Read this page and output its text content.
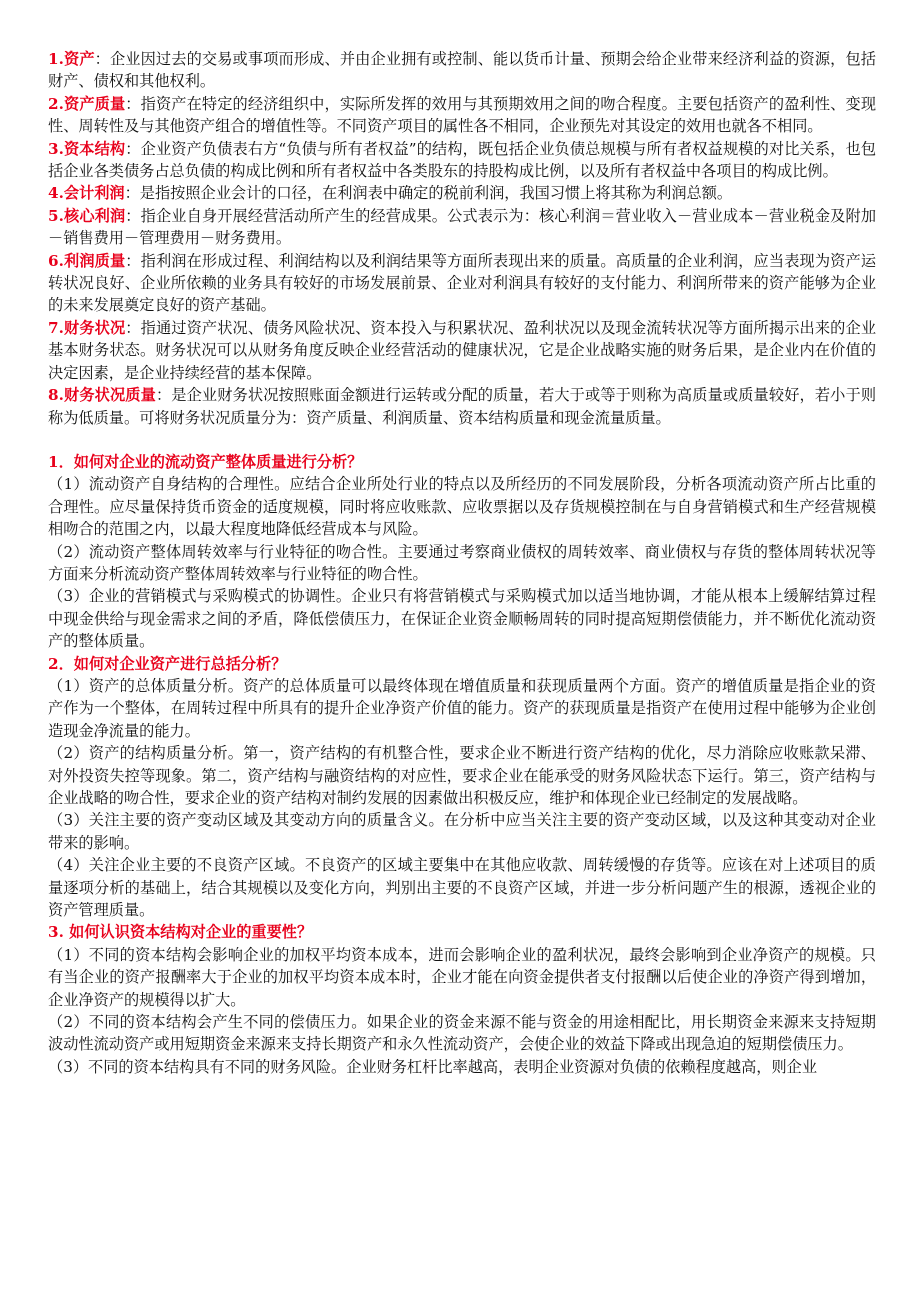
1.资产：企业因过去的交易或事项而形成、并由企业拥有或控制、能以货币计量、预期会给企业带来经济利益的资源，包括财产、债权和其他权利。

2.资产质量：指资产在特定的经济组织中，实际所发挥的效用与其预期效用之间的吻合程度。主要包括资产的盈利性、变现性、周转性及与其他资产组合的增值性等。不同资产项目的属性各不相同，企业预先对其设定的效用也就各不相同。

3.资本结构：企业资产负债表右方“负债与所有者权益”的结构，既包括企业负债总规模与所有者权益规模的对比关系，也包括企业各类债务占总负债的构成比例和所有者权益中各类股东的持股构成比例，以及所有者权益中各项目的构成比例。

4.会计利润：是指按照企业会计的口径，在利润表中确定的税前利润，我国习惯上将其称为利润总额。

5.核心利润：指企业自身开展经营活动所产生的经营成果。公式表示为：核心利润＝营业收入－营业成本－营业税金及附加－销售费用－管理费用－财务费用。

6.利润质量：指利润在形成过程、利润结构以及利润结果等方面所表现出来的质量。高质量的企业利润，应当表现为资产运转状况良好、企业所依赖的业务具有较好的市场发展前景、企业对利润具有较好的支付能力、利润所带来的资产能够为企业的未来发展奠定良好的资产基础。

7.财务状况：指通过资产状况、债务风险状况、资本投入与积累状况、盈利状况以及现金流转状况等方面所揭示出来的企业基本财务状态。财务状况可以从财务角度反映企业经营活动的健康状况，它是企业战略实施的财务后果，是企业内在价值的决定因素，是企业持续经营的基本保障。

8.财务状况质量：是企业财务状况按照账面金额进行运转或分配的质量，若大于或等于则称为高质量或质量较好，若小于则称为低质量。可将财务状况质量分为：资产质量、利润质量、资本结构质量和现金流量质量。

1．如何对企业的流动资产整体质量进行分析？

（1）流动资产自身结构的合理性。应结合企业所处行业的特点以及所经历的不同发展阶段，分析各项流动资产所占比重的合理性。应尽量保持货币资金的适度规模，同时将应收账款、应收票据以及存货规模控制在与自身营销模式和生产经营规模相吻合的范围之内，以最大程度地降低经营成本与风险。

（2）流动资产整体周转效率与行业特征的吻合性。主要通过考察商业债权的周转效率、商业债权与存货的整体周转状况等方面来分析流动资产整体周转效率与行业特征的吻合性。

（3）企业的营销模式与采购模式的协调性。企业只有将营销模式与采购模式加以适当地协调，才能从根本上缓解结算过程中现金供给与现金需求之间的矛盾，降低偿债压力，在保证企业资金顺畅周转的同时提高短期偿债能力，并不断优化流动资产的整体质量。

2．如何对企业资产进行总括分析？

（1）资产的总体质量分析。资产的总体质量可以最终体现在增值质量和获现质量两个方面。资产的增值质量是指企业的资产作为一个整体，在周转过程中所具有的提升企业净资产价值的能力。资产的获现质量是指资产在使用过程中能够为企业创造现金净流量的能力。

（2）资产的结构质量分析。第一，资产结构的有机整合性，要求企业不断进行资产结构的优化，尽力消除应收账款呆滞、对外投资失控等现象。第二，资产结构与融资结构的对应性，要求企业在能承受的财务风险状态下运行。第三，资产结构与企业战略的吻合性，要求企业的资产结构对制约发展的因素做出积极反应，维护和体现企业已经制定的发展战略。

（3）关注主要的资产变动区域及其变动方向的质量含义。在分析中应当关注主要的资产变动区域，以及这种其变动对企业带来的影响。

（4）关注企业主要的不良资产区域。不良资产的区域主要集中在其他应收款、周转缓慢的存货等。应该在对上述项目的质量逐项分析的基础上，结合其规模以及变化方向，判别出主要的不良资产区域，并进一步分析问题产生的根源，透视企业的资产管理质量。

3. 如何认识资本结构对企业的重要性？

（1）不同的资本结构会影响企业的加权平均资本成本，进而会影响企业的盈利状况，最终会影响到企业净资产的规模。只有当企业的资产报酬率大于企业的加权平均资本成本时，企业才能在向资金提供者支付报酬以后使企业的净资产得到增加，企业净资产的规模得以扩大。

（2）不同的资本结构会产生不同的偿债压力。如果企业的资金来源不能与资金的用途相配比，用长期资金来源来支持短期波动性流动资产或用短期资金来源来支持长期资产和永久性流动资产，会使企业的效益下降或出现急迫的短期偿债压力。

（3）不同的资本结构具有不同的财务风险。企业财务杠杆比率越高，表明企业资源对负债的依赖程度越高，则企业
